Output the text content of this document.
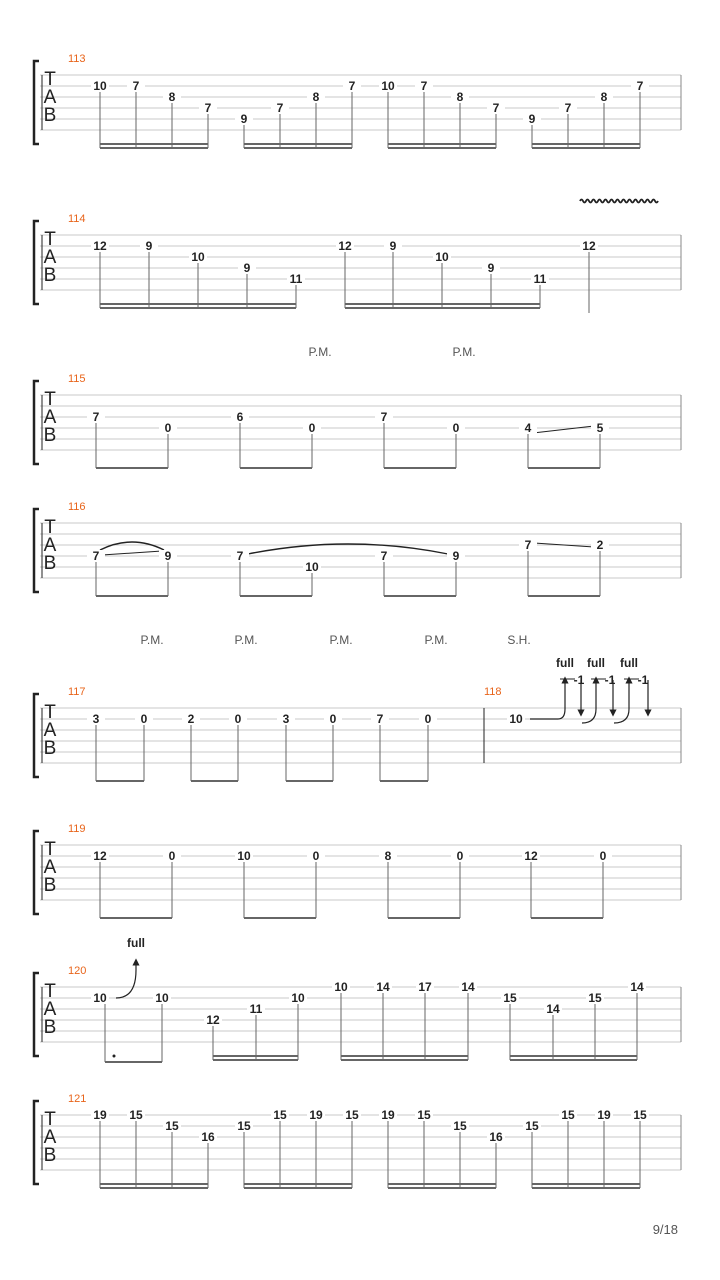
T
A
B
113
10 7
8
7
9
7
8
7 10 7
8
7
9
7
8
7
T
A
B
114
12	9
10
9
11
12	9
10
9
11
12
P.M.	P.M.
T
A
B
115
7
0
6
0
7
0	4	5
T
A
B
116
7	9	7
10
7	9
7	2
P.M.	P.M.	P.M.	P.M.	S.H.
T
A
B
117	118
full
-1
full
-1
full
-1
3	0	2	0	3	0	7	0	10
T
A
B
119
12	0	10	0	8	0	12	0
T
A
B
120
full
10	10
12
11
10
10 14 17 14
15
14
15
14
T
A
B
121
19 15
15
16
15
15 19 15 19 15
15
16
15
15 19 15
9/18
